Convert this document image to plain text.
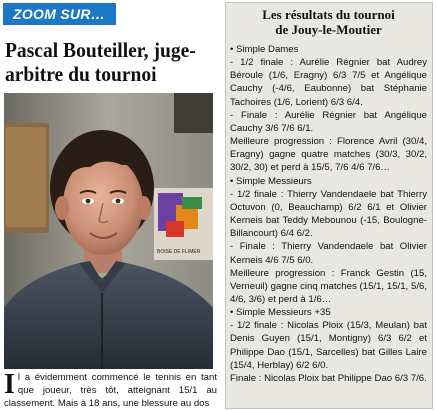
ZOOM SUR…
Pascal Bouteiller, juge-
arbitre du tournoi
BOISE DE FLIMER

Il a évidemment commencé le tennis en tant que joueur, très tôt, atteignant 15/1 au classement. Mais à 18 ans, une blessure au dos

Les résultats du tournoi
de Jouy-le-Moutier
• Simple Dames
- 1/2 finale : Aurélie Régnier bat Audrey Béroule (1/6, Eragny) 6/3 7/5 et Angélique Cauchy (-4/6, Eaubonne) bat Stéphanie Tachoires (1/6, Lorient) 6/3 6/4.
- Finale : Aurélie Régnier bat Angélique Cauchy 3/6 7/6 6/1.
Meilleure progression : Florence Avril (30/4, Eragny) gagne quatre matches (30/3, 30/2, 30/2, 30) et perd à 15/5, 7/6 4/6 7/6…
• Simple Messieurs
- 1/2 finale : Thierry Vandendaele bat Thierry Octuvon (0, Beauchamp) 6/2 6/1 et Olivier Kerneis bat Teddy Mebounou (-15, Boulogne-Billancourt) 6/4 6/2.
- Finale : Thierry Vandendaele bat Olivier Kerneis 4/6 7/5 6/0.
Meilleure progression : Franck Gestin (15, Verneuil) gagne cinq matches (15/1, 15/1, 5/6, 4/6, 3/6) et perd à 1/6…
• Simple Messieurs +35
- 1/2 finale : Nicolas Ploix (15/3, Meulan) bat Denis Guyen (15/1, Montigny) 6/3 6/2 et Philippe Dao (15/1, Sarcelles) bat Gilles Laire (15/4, Herblay) 6/2 6/0.
Finale : Nicolas Ploix bat Philippe Dao 6/3 7/6.
